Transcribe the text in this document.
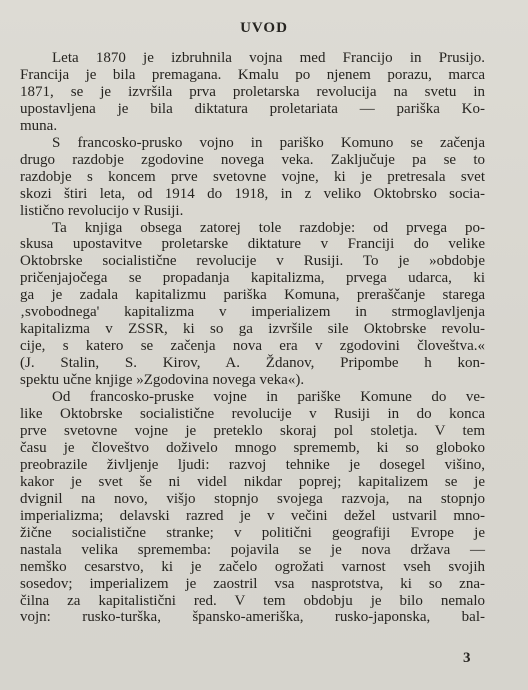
UVOD
Leta 1870 je izbruhnila vojna med Francijo in Prusijo.
Francija je bila premagana. Kmalu po njenem porazu, marca
1871, se je izvršila prva proletarska revolucija na svetu in
upostavljena je bila diktatura proletariata — pariška Ko-
muna.
S francosko-prusko vojno in pariško Komuno se začenja
drugo razdobje zgodovine novega veka. Zaključuje pa se to
razdobje s koncem prve svetovne vojne, ki je pretresala svet
skozi štiri leta, od 1914 do 1918, in z veliko Oktobrsko socia-
listično revolucijo v Rusiji.
Ta knjiga obsega zatorej tole razdobje: od prvega po-
skusa upostavitve proletarske diktature v Franciji do velike
Oktobrske socialistične revolucije v Rusiji. To je »obdobje
pričenjajočega se propadanja kapitalizma, prvega udarca, ki
ga je zadala kapitalizmu pariška Komuna, preraščanje starega
‚svobodnega' kapitalizma v imperializem in strmoglavljenja
kapitalizma v ZSSR, ki so ga izvršile sile Oktobrske revolu-
cije, s katero se začenja nova era v zgodovini človeštva.«
(J. Stalin, S. Kirov, A. Ždanov, Pripombe h kon-
spektu učne knjige »Zgodovina novega veka«).
Od francosko-pruske vojne in pariške Komune do ve-
like Oktobrske socialistične revolucije v Rusiji in do konca
prve svetovne vojne je preteklo skoraj pol stoletja. V tem
času je človeštvo doživelo mnogo sprememb, ki so globoko
preobrazile življenje ljudi: razvoj tehnike je dosegel višino,
kakor je svet še ni videl nikdar poprej; kapitalizem se je
dvignil na novo, višjo stopnjo svojega razvoja, na stopnjo
imperializma; delavski razred je v večini dežel ustvaril mno-
žične socialistične stranke; v politični geografiji Evrope je
nastala velika sprememba: pojavila se je nova država —
nemško cesarstvo, ki je začelo ogrožati varnost vseh svojih
sosedov; imperializem je zaostril vsa nasprotstva, ki so zna-
čilna za kapitalistični red. V tem obdobju je bilo nemalo
vojn: rusko-turška, špansko-ameriška, rusko-japonska, bal-
3
